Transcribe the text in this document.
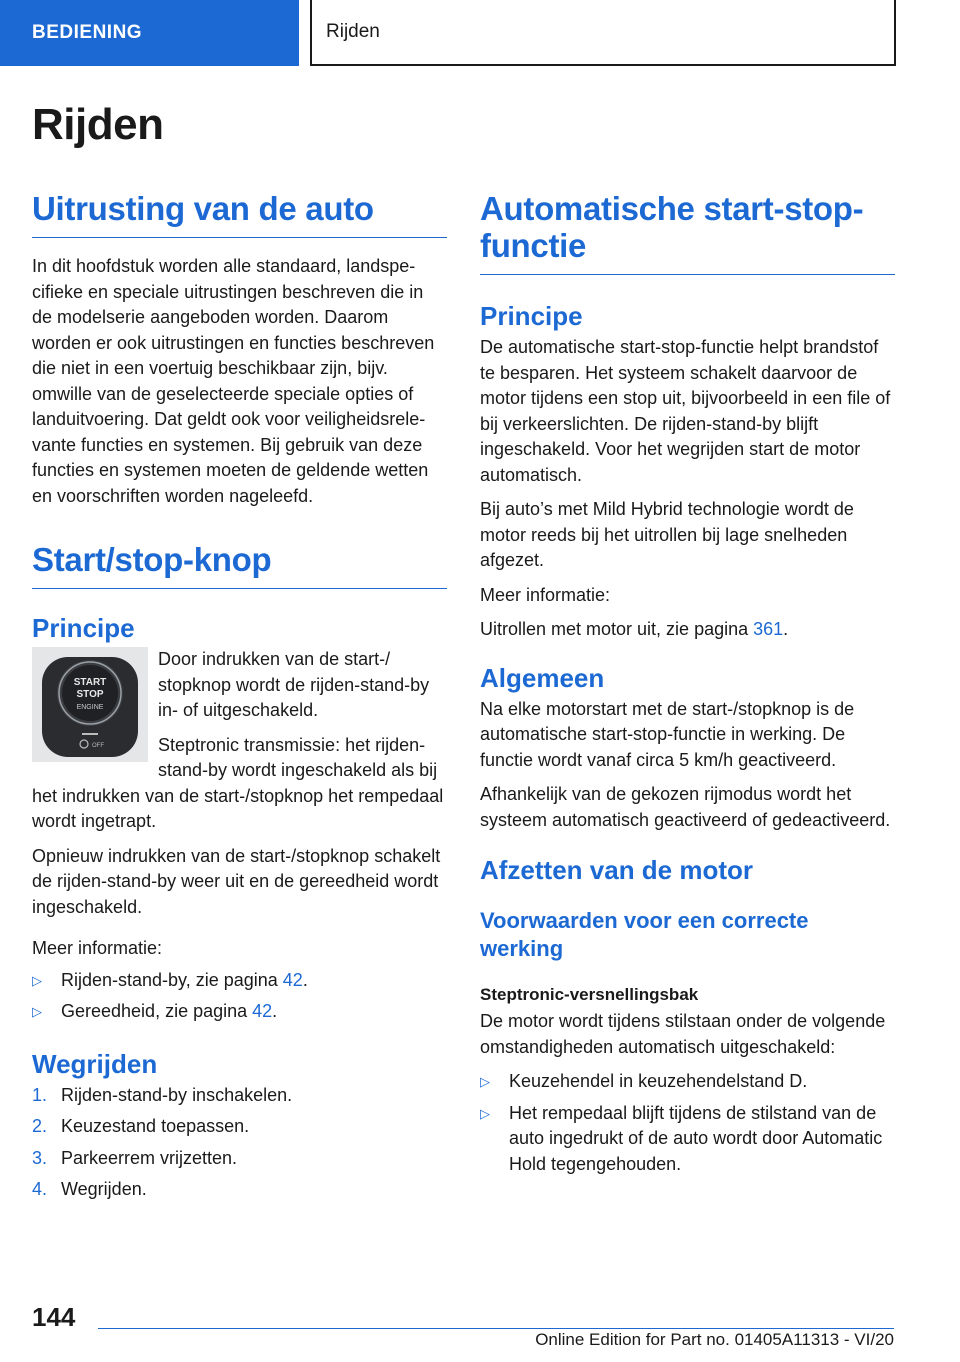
BEDIENING	Rijden
Rijden
Uitrusting van de auto

In dit hoofdstuk worden alle standaard, landspecifieke en speciale uitrustingen beschreven die in de modelserie aangeboden worden. Daarom worden er ook uitrustingen en functies beschreven die niet in een voertuig beschikbaar zijn, bijv. omwille van de geselecteerde speciale opties of landuitvoering. Dat geldt ook voor veiligheidsrelevante functies en systemen. Bij gebruik van deze functies en systemen moeten de geldende wetten en voorschriften worden nageleefd.

Start/stop-knop
Principe
START
STOP
ENGINE
OFF

Door indrukken van de start-/ stopknop wordt de rijden-stand-by in- of uitgeschakeld.

Steptronic transmissie: het rijden-stand-by wordt ingeschakeld als bij het indrukken van de start-/stopknop het rempedaal wordt ingetrapt.

Opnieuw indrukken van de start-/stopknop schakelt de rijden-stand-by weer uit en de gereedheid wordt ingeschakeld.

Meer informatie:

▷ Rijden-stand-by, zie pagina 42.
▷ Gereedheid, zie pagina 42.
Wegrijden
1. Rijden-stand-by inschakelen.
2. Keuzestand toepassen.
3. Parkeerrem vrijzetten.
4. Wegrijden.
Automatische start-stop-functie
Principe

De automatische start-stop-functie helpt brandstof te besparen. Het systeem schakelt daarvoor de motor tijdens een stop uit, bijvoorbeeld in een file of bij verkeerslichten. De rijden-stand-by blijft ingeschakeld. Voor het wegrijden start de motor automatisch.

Bij auto’s met Mild Hybrid technologie wordt de motor reeds bij het uitrollen bij lage snelheden afgezet.

Meer informatie:

Uitrollen met motor uit, zie pagina 361.

Algemeen

Na elke motorstart met de start-/stopknop is de automatische start-stop-functie in werking. De functie wordt vanaf circa 5 km/h geactiveerd.

Afhankelijk van de gekozen rijmodus wordt het systeem automatisch geactiveerd of gedeactiveerd.

Afzetten van de motor
Voorwaarden voor een correcte werking
Steptronic-versnellingsbak

De motor wordt tijdens stilstaan onder de volgende omstandigheden automatisch uitgeschakeld:

▷ Keuzehendel in keuzehendelstand D.
▷ Het rempedaal blijft tijdens de stilstand van de auto ingedrukt of de auto wordt door Automatic Hold tegengehouden.
144
Online Edition for Part no. 01405A11313 - VI/20
